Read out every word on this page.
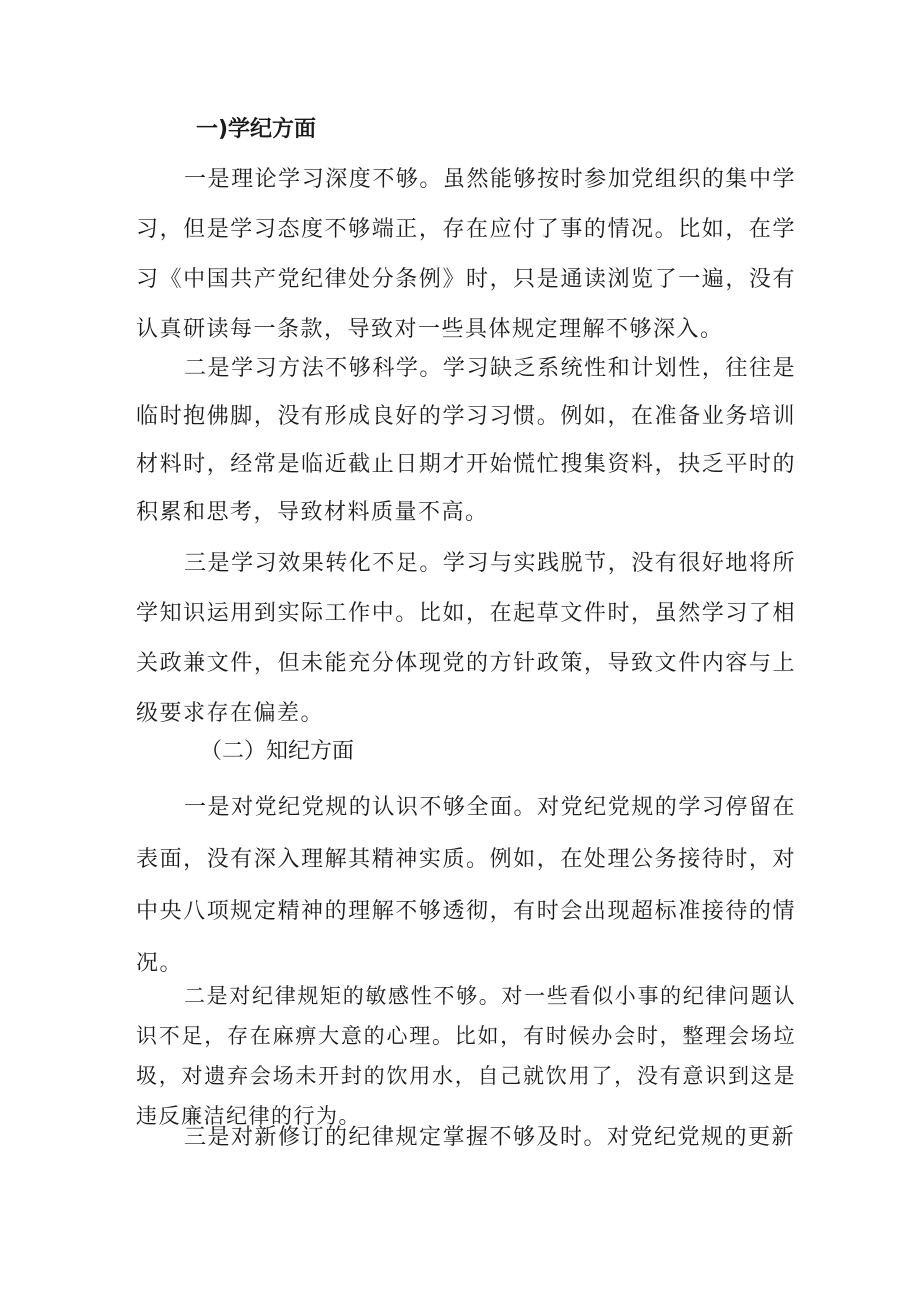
一)学纪方面

一是理论学习深度不够。虽然能够按时参加党组织的集中学习，但是学习态度不够端正，存在应付了事的情况。比如，在学习《中国共产党纪律处分条例》时，只是通读浏览了一遍，没有认真研读每一条款，导致对一些具体规定理解不够深入。

二是学习方法不够科学。学习缺乏系统性和计划性，往往是临时抱佛脚，没有形成良好的学习习惯。例如，在准备业务培训材料时，经常是临近截止日期才开始慌忙搜集资料，抉乏平时的积累和思考，导致材料质量不高。

三是学习效果转化不足。学习与实践脱节，没有很好地将所学知识运用到实际工作中。比如，在起草文件时，虽然学习了相关政兼文件，但未能充分体现党的方针政策，导致文件内容与上级要求存在偏差。

（二）知纪方面

一是对党纪党规的认识不够全面。对党纪党规的学习停留在表面，没有深入理解其精神实质。例如，在处理公务接待时，对中央八项规定精神的理解不够透彻，有时会出现超标准接待的情况。

二是对纪律规矩的敏感性不够。对一些看似小事的纪律问题认识不足，存在麻痹大意的心理。比如，有时候办会时，整理会场垃圾，对遗弃会场未开封的饮用水，自己就饮用了，没有意识到这是违反廉洁纪律的行为。

三是对新修订的纪律规定掌握不够及时。对党纪党规的更新
